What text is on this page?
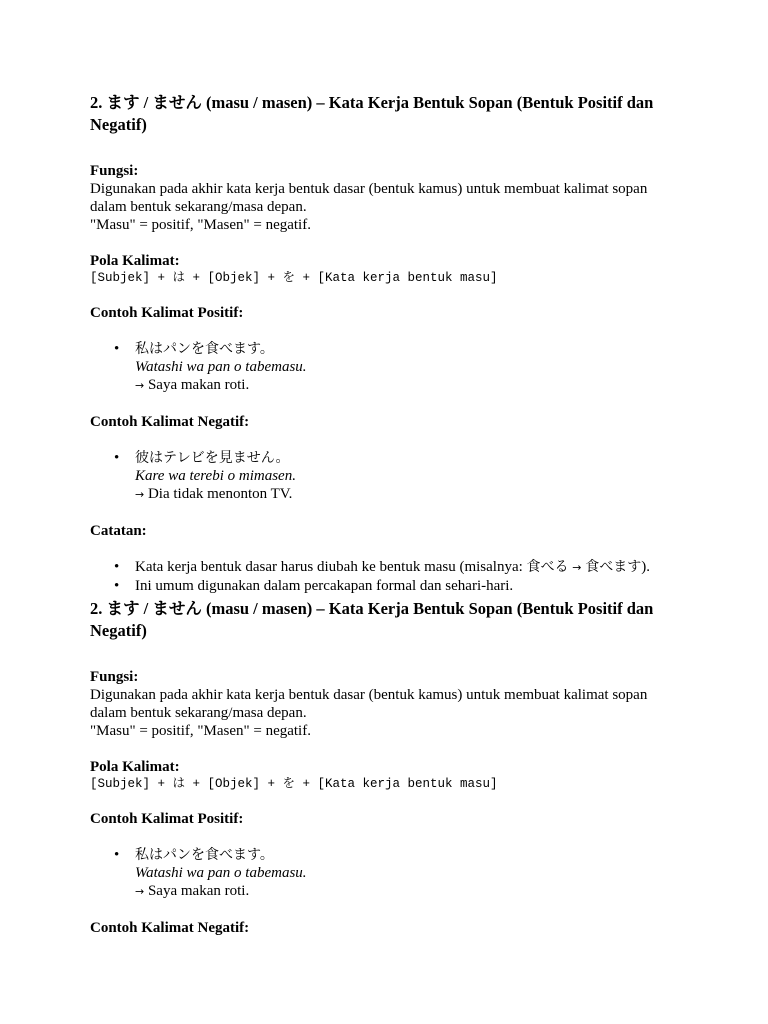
2. ます / ません (masu / masen) – Kata Kerja Bentuk Sopan (Bentuk Positif dan Negatif)
Fungsi:

Digunakan pada akhir kata kerja bentuk dasar (bentuk kamus) untuk membuat kalimat sopan dalam bentuk sekarang/masa depan.

"Masu" = positif, "Masen" = negatif.

Pola Kalimat:

[Subjek] + は + [Objek] + を + [Kata kerja bentuk masu]

Contoh Kalimat Positif:
• 私はパンを食べます。
Watashi wa pan o tabemasu.
→ Saya makan roti.
Contoh Kalimat Negatif:
• 彼はテレビを見ません。
Kare wa terebi o mimasen.
→ Dia tidak menonton TV.
Catatan:
• Kata kerja bentuk dasar harus diubah ke bentuk masu (misalnya: 食べる → 食べます).
• Ini umum digunakan dalam percakapan formal dan sehari-hari.
2. ます / ません (masu / masen) – Kata Kerja Bentuk Sopan (Bentuk Positif dan Negatif)
Fungsi:

Digunakan pada akhir kata kerja bentuk dasar (bentuk kamus) untuk membuat kalimat sopan dalam bentuk sekarang/masa depan.

"Masu" = positif, "Masen" = negatif.

Pola Kalimat:

[Subjek] + は + [Objek] + を + [Kata kerja bentuk masu]

Contoh Kalimat Positif:
• 私はパンを食べます。
Watashi wa pan o tabemasu.
→ Saya makan roti.
Contoh Kalimat Negatif:
